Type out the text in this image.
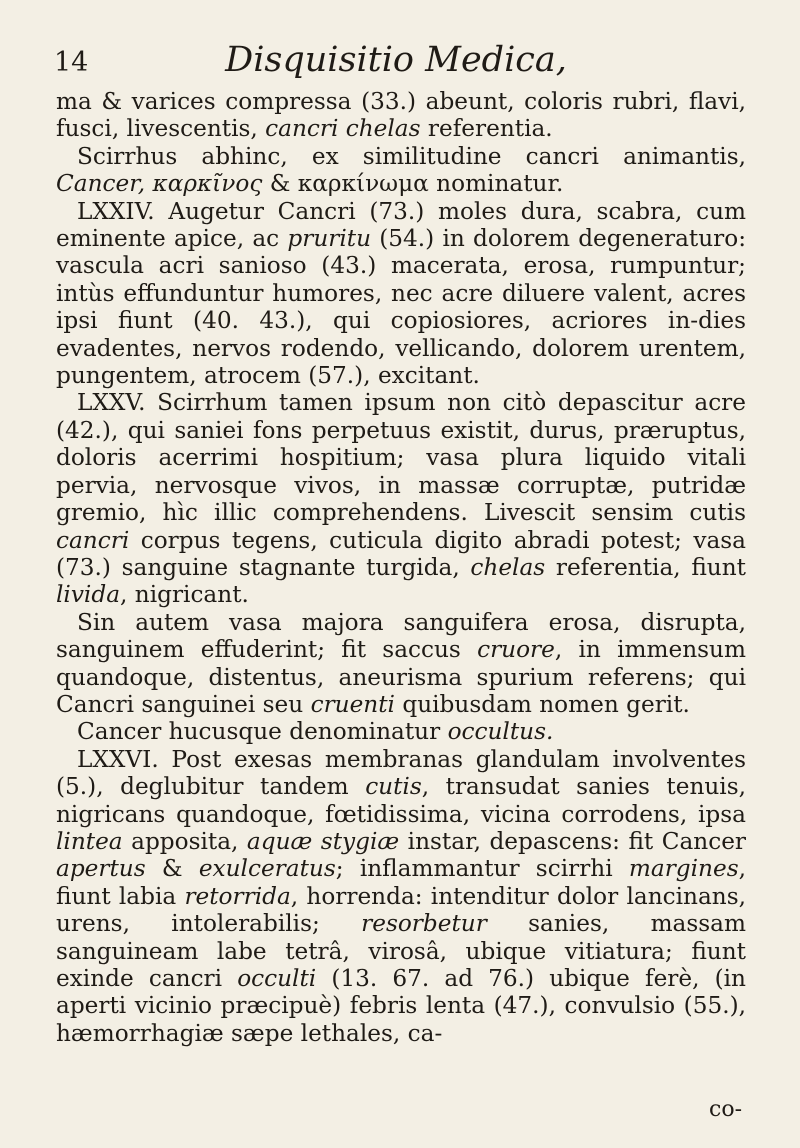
14	Disquisitio Medica,

ma & varices compressa (33.) abeunt, coloris rubri, flavi, fusci, livescentis, cancri chelas referentia.

Scirrhus abhinc, ex similitudine cancri animantis, Cancer, καρκῖνος & καρκίνωμα nominatur.

LXXIV. Augetur Cancri (73.) moles dura, scabra, cum eminente apice, ac pruritu (54.) in dolorem degeneraturo: vascula acri sanioso (43.) macerata, erosa, rumpuntur; intùs effunduntur humores, nec acre diluere valent, acres ipsi fiunt (40. 43.), qui copiosiores, acriores in-dies evadentes, nervos rodendo, vellicando, dolorem urentem, pungentem, atrocem (57.), excitant.

LXXV. Scirrhum tamen ipsum non citò depascitur acre (42.), qui saniei fons perpetuus existit, durus, præruptus, doloris acerrimi hospitium; vasa plura liquido vitali pervia, nervosque vivos, in massæ corruptæ, putridæ gremio, hìc illic comprehendens. Livescit sensim cutis cancri corpus tegens, cuticula digito abradi potest; vasa (73.) sanguine stagnante turgida, chelas referentia, fiunt livida, nigricant.

Sin autem vasa majora sanguifera erosa, disrupta, sanguinem effuderint; fit saccus cruore, in immensum quandoque, distentus, aneurisma spurium referens; qui Cancri sanguinei seu cruenti quibusdam nomen gerit.

Cancer hucusque denominatur occultus.

LXXVI. Post exesas membranas glandulam involventes (5.), deglubitur tandem cutis, transudat sanies tenuis, nigricans quandoque, fœtidissima, vicina corrodens, ipsa lintea apposita, aquæ stygiæ instar, depascens: fit Cancer apertus & exulceratus; inflammantur scirrhi margines, fiunt labia retorrida, horrenda: intenditur dolor lancinans, urens, intolerabilis; resorbetur sanies, massam sanguineam labe tetrâ, virosâ, ubique vitiatura; fiunt exinde cancri occulti (13. 67. ad 76.) ubique ferè, (in aperti vicinio præcipuè) febris lenta (47.), convulsio (55.), hæmorrhagiæ sæpe lethales, ca-

co-
